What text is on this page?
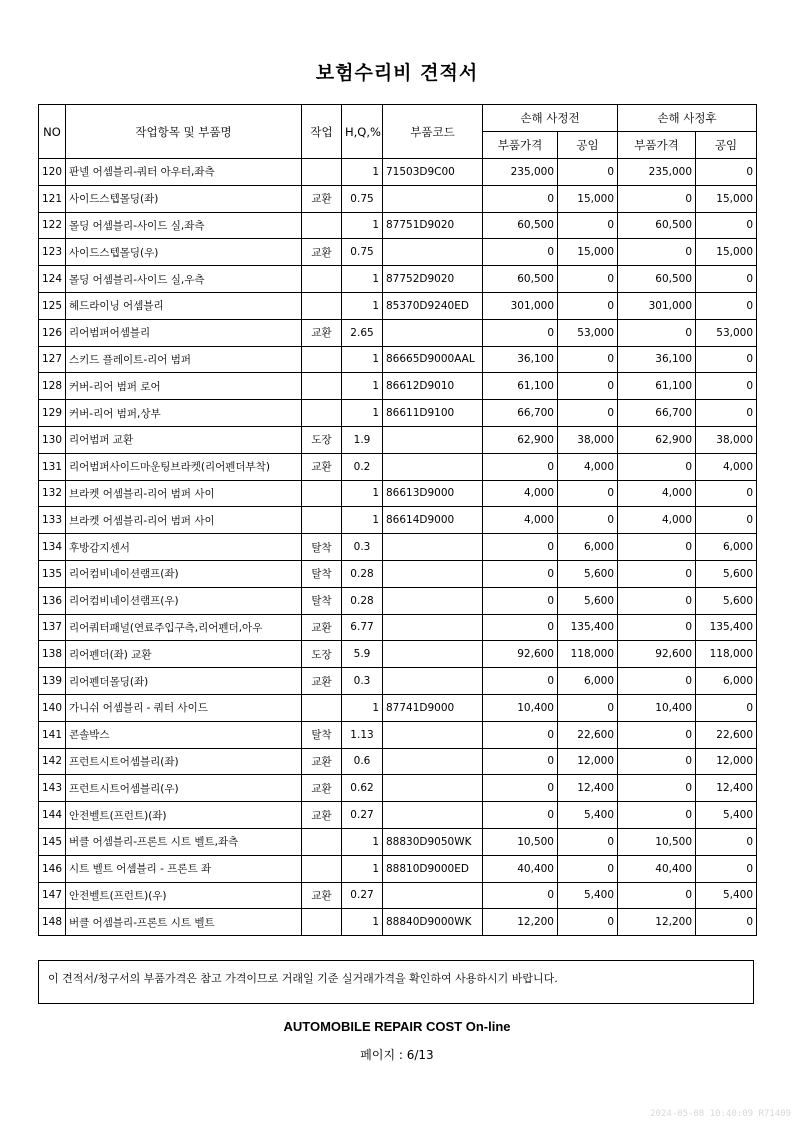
보험수리비 견적서
NO	작업항목 및 부품명	작업	H,Q,%	부품코드	손해 사정전		손해 사정후	
					부품가격	공임	부품가격	공임
120	판넬 어셈블리-쿼터 아우터,좌측		1	71503D9C00	235,000	0	235,000	0
121	사이드스텝몰딩(좌)	교환	0.75		0	15,000	0	15,000
122	몰딩 어셈블리-사이드 실,좌측		1	87751D9020	60,500	0	60,500	0
123	사이드스텝몰딩(우)	교환	0.75		0	15,000	0	15,000
124	몰딩 어셈블리-사이드 실,우측		1	87752D9020	60,500	0	60,500	0
125	헤드라이닝 어셈블리		1	85370D9240ED	301,000	0	301,000	0
126	리어범퍼어셈블리	교환	2.65		0	53,000	0	53,000
127	스키드 플레이트-리어 범퍼		1	86665D9000AAL	36,100	0	36,100	0
128	커버-리어 범퍼 로어		1	86612D9010	61,100	0	61,100	0
129	커버-리어 범퍼,상부		1	86611D9100	66,700	0	66,700	0
130	리어범퍼 교환	도장	1.9		62,900	38,000	62,900	38,000
131	리어범퍼사이드마운팅브라켓(리어펜더부착)	교환	0.2		0	4,000	0	4,000
132	브라켓 어셈블리-리어 범퍼 사이		1	86613D9000	4,000	0	4,000	0
133	브라켓 어셈블리-리어 범퍼 사이		1	86614D9000	4,000	0	4,000	0
134	후방감지센서	탈착	0.3		0	6,000	0	6,000
135	리어컴비네이션램프(좌)	탈착	0.28		0	5,600	0	5,600
136	리어컴비네이션램프(우)	탈착	0.28		0	5,600	0	5,600
137	리어쿼터패널(연료주입구측,리어펜더,아우	교환	6.77		0	135,400	0	135,400
138	리어펜더(좌) 교환	도장	5.9		92,600	118,000	92,600	118,000
139	리어펜더몰딩(좌)	교환	0.3		0	6,000	0	6,000
140	가니쉬 어셈블리 - 쿼터 사이드		1	87741D9000	10,400	0	10,400	0
141	콘솔박스	탈착	1.13		0	22,600	0	22,600
142	프런트시트어셈블리(좌)	교환	0.6		0	12,000	0	12,000
143	프런트시트어셈블리(우)	교환	0.62		0	12,400	0	12,400
144	안전벨트(프런트)(좌)	교환	0.27		0	5,400	0	5,400
145	버클 어셈블리-프론트 시트 벨트,좌측		1	88830D9050WK	10,500	0	10,500	0
146	시트 벨트 어셈블리 - 프론트 좌		1	88810D9000ED	40,400	0	40,400	0
147	안전벨트(프런트)(우)	교환	0.27		0	5,400	0	5,400
148	버클 어셈블리-프론트 시트 벨트		1	88840D9000WK	12,200	0	12,200	0
이 견적서/청구서의 부품가격은 참고 가격이므로 거래일 기준 실거래가격을 확인하여 사용하시기 바랍니다.
AUTOMOBILE REPAIR COST On-line
페이지 : 6/13
2024-05-08 10:40:09 R71409
